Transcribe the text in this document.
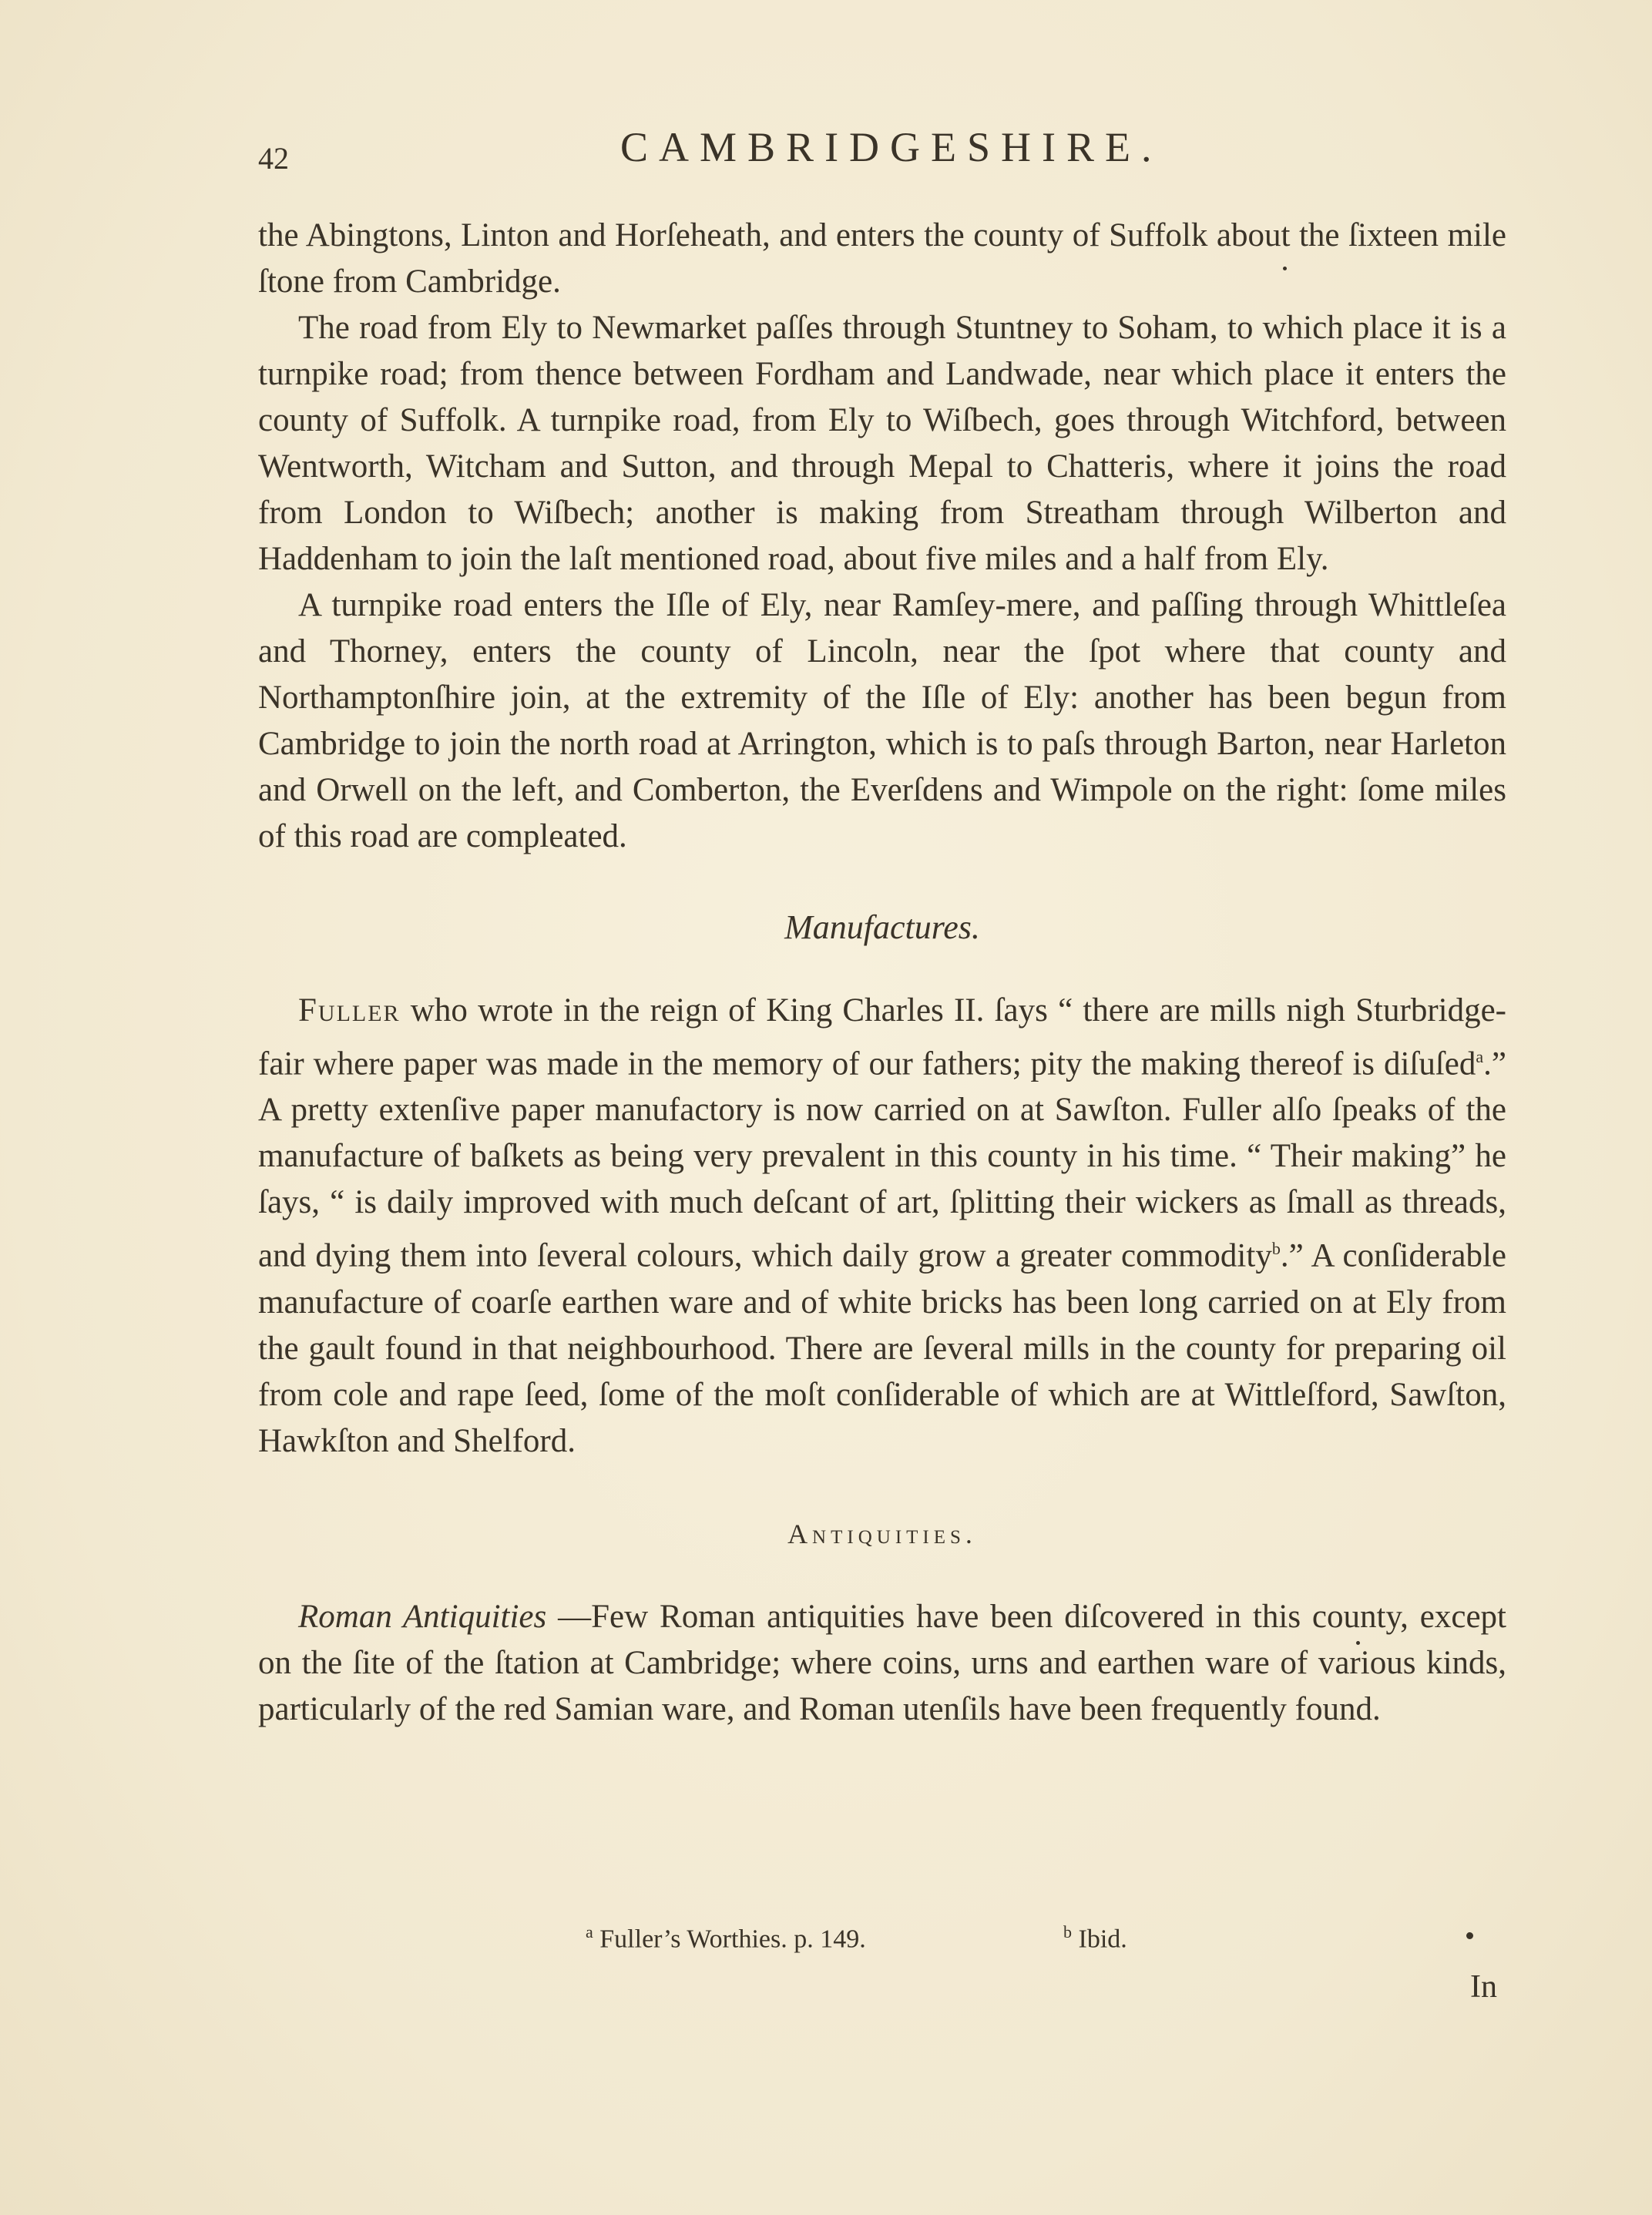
42	CAMBRIDGESHIRE.

the Abingtons, Linton and Horſeheath, and enters the county of Suffolk about the ſixteen mile ſtone from Cambridge.

The road from Ely to Newmarket paſſes through Stuntney to Soham, to which place it is a turnpike road; from thence between Fordham and Landwade, near which place it enters the county of Suffolk. A turnpike road, from Ely to Wiſbech, goes through Witchford, between Wentworth, Witcham and Sutton, and through Mepal to Chatteris, where it joins the road from London to Wiſbech; another is making from Streatham through Wilberton and Haddenham to join the laſt mentioned road, about five miles and a half from Ely.

A turnpike road enters the Iſle of Ely, near Ramſey-mere, and paſſing through Whittleſea and Thorney, enters the county of Lincoln, near the ſpot where that county and Northamptonſhire join, at the extremity of the Iſle of Ely: another has been begun from Cambridge to join the north road at Arrington, which is to paſs through Barton, near Harleton and Orwell on the left, and Comberton, the Everſdens and Wimpole on the right: ſome miles of this road are compleated.

Manufactures.

Fuller who wrote in the reign of King Charles II. ſays “ there are mills nigh Sturbridge-fair where paper was made in the memory of our fathers; pity the making thereof is diſuſed$^a$.” A pretty extenſive paper manufactory is now carried on at Sawſton. Fuller alſo ſpeaks of the manufacture of baſkets as being very prevalent in this county in his time. “ Their making” he ſays, “ is daily improved with much deſcant of art, ſplitting their wickers as ſmall as threads, and dying them into ſeveral colours, which daily grow a greater commodity$^b$.” A conſiderable manufacture of coarſe earthen ware and of white bricks has been long carried on at Ely from the gault found in that neighbourhood. There are ſeveral mills in the county for preparing oil from cole and rape ſeed, ſome of the moſt conſiderable of which are at Wittleſford, Sawſton, Hawkſton and Shelford.

Antiquities.

Roman Antiquities —Few Roman antiquities have been diſcovered in this county, except on the ſite of the ſtation at Cambridge; where coins, urns and earthen ware of various kinds, particularly of the red Samian ware, and Roman utenſils have been frequently found.

$^a$ Fuller’s Worthies. p. 149.	$^b$ Ibid.
In
